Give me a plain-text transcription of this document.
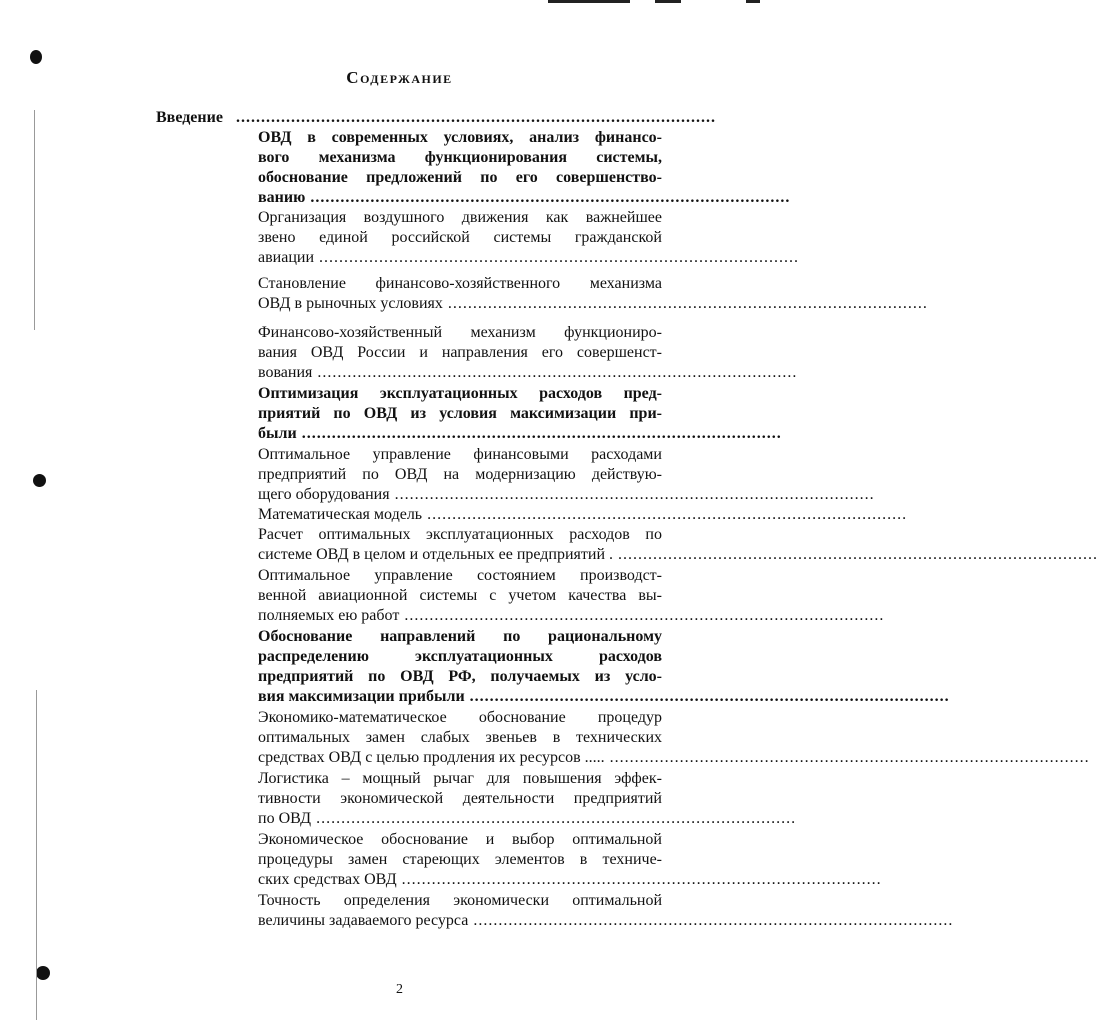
Содержание
Введение ................................................................................................
ОВД в современных условиях, анализ финансо-
вого механизма функционирования системы,
обоснование предложений по его совершенство-
ванию ................................................................................................
Организация воздушного движения как важнейшее
звено единой российской системы гражданской
авиации ................................................................................................
Становление финансово-хозяйственного механизма
ОВД в рыночных условиях ................................................................................................
Финансово-хозяйственный механизм функциониро-
вания ОВД России и направления его совершенст-
вования ................................................................................................
Оптимизация эксплуатационных расходов пред-
приятий по ОВД из условия максимизации при-
были ................................................................................................
Оптимальное управление финансовыми расходами
предприятий по ОВД на модернизацию действую-
щего оборудования ................................................................................................
Математическая модель ................................................................................................
Расчет оптимальных эксплуатационных расходов по
системе ОВД в целом и отдельных ее предприятий . ................................................................................................
Оптимальное управление состоянием производст-
венной авиационной системы с учетом качества вы-
полняемых ею работ ................................................................................................
Обоснование направлений по рациональному
распределению эксплуатационных расходов
предприятий по ОВД РФ, получаемых из усло-
вия максимизации прибыли ................................................................................................
Экономико-математическое обоснование процедур
оптимальных замен слабых звеньев в технических
средствах ОВД с целью продления их ресурсов ..... ................................................................................................
Логистика – мощный рычаг для повышения эффек-
тивности экономической деятельности предприятий
по ОВД ................................................................................................
Экономическое обоснование и выбор оптимальной
процедуры замен стареющих элементов в техниче-
ских средствах ОВД ................................................................................................
Точность определения экономически оптимальной
величины задаваемого ресурса ................................................................................................
2
